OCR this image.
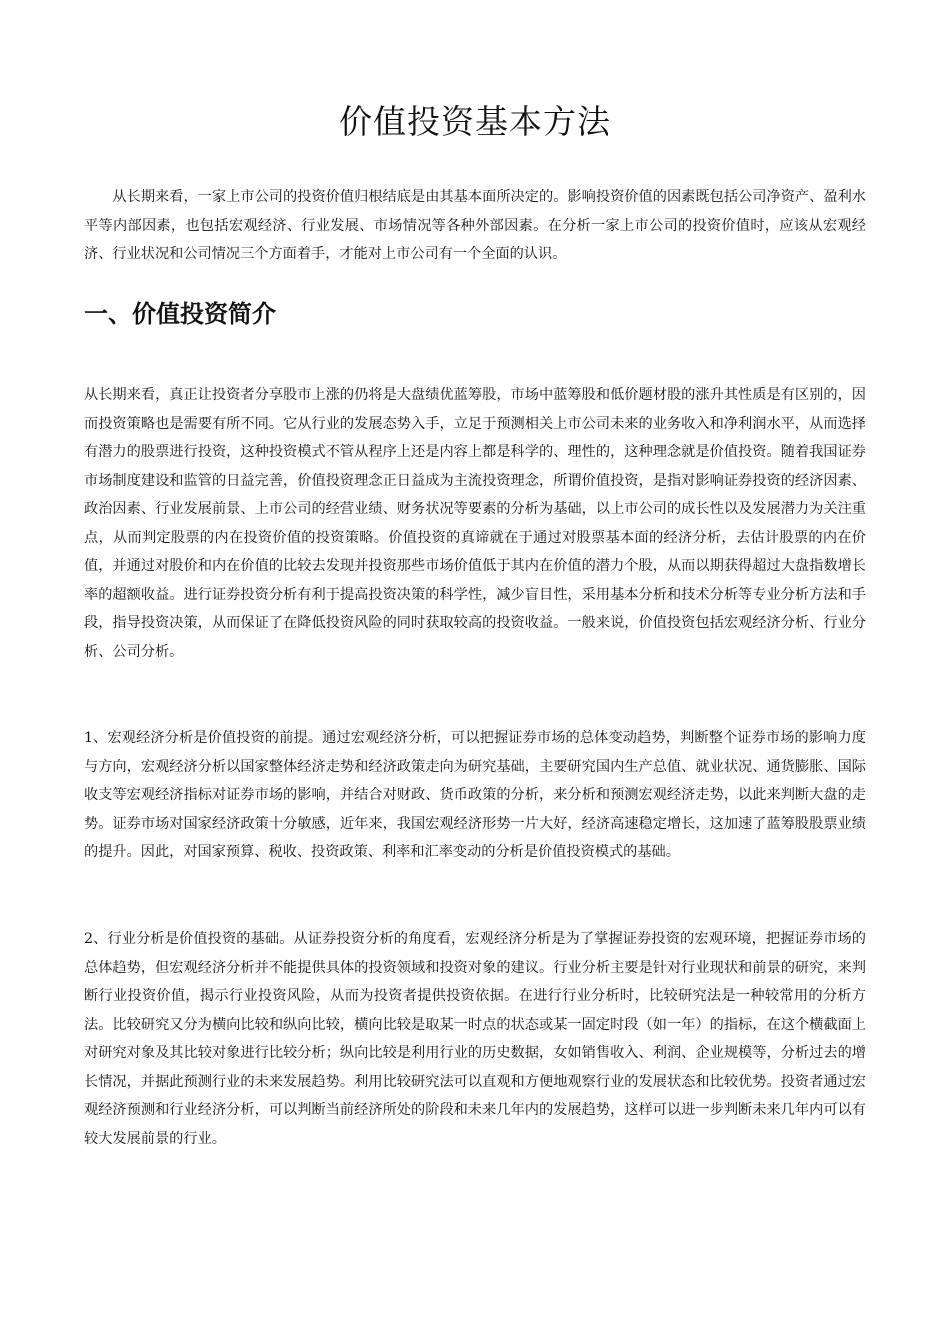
价值投资基本方法

从长期来看，一家上市公司的投资价值归根结底是由其基本面所决定的。影响投资价值的因素既包括公司净资产、盈利水平等内部因素，也包括宏观经济、行业发展、市场情况等各种外部因素。在分析一家上市公司的投资价值时，应该从宏观经济、行业状况和公司情况三个方面着手，才能对上市公司有一个全面的认识。

一、价值投资简介

从长期来看，真正让投资者分享股市上涨的仍将是大盘绩优蓝筹股，市场中蓝筹股和低价题材股的涨升其性质是有区别的，因而投资策略也是需要有所不同。它从行业的发展态势入手，立足于预测相关上市公司未来的业务收入和净利润水平，从而选择有潜力的股票进行投资，这种投资模式不管从程序上还是内容上都是科学的、理性的，这种理念就是价值投资。随着我国证券市场制度建设和监管的日益完善，价值投资理念正日益成为主流投资理念，所谓价值投资，是指对影响证券投资的经济因素、政治因素、行业发展前景、上市公司的经营业绩、财务状况等要素的分析为基础，以上市公司的成长性以及发展潜力为关注重点，从而判定股票的内在投资价值的投资策略。价值投资的真谛就在于通过对股票基本面的经济分析，去估计股票的内在价值，并通过对股价和内在价值的比较去发现并投资那些市场价值低于其内在价值的潜力个股，从而以期获得超过大盘指数增长率的超额收益。进行证券投资分析有利于提高投资决策的科学性，减少盲目性，采用基本分析和技术分析等专业分析方法和手段，指导投资决策，从而保证了在降低投资风险的同时获取较高的投资收益。一般来说，价值投资包括宏观经济分析、行业分析、公司分析。

1、宏观经济分析是价值投资的前提。通过宏观经济分析，可以把握证券市场的总体变动趋势，判断整个证券市场的影响力度与方向，宏观经济分析以国家整体经济走势和经济政策走向为研究基础，主要研究国内生产总值、就业状况、通货膨胀、国际收支等宏观经济指标对证券市场的影响，并结合对财政、货币政策的分析，来分析和预测宏观经济走势，以此来判断大盘的走势。证券市场对国家经济政策十分敏感，近年来，我国宏观经济形势一片大好，经济高速稳定增长，这加速了蓝筹股股票业绩的提升。因此，对国家预算、税收、投资政策、利率和汇率变动的分析是价值投资模式的基础。

2、行业分析是价值投资的基础。从证券投资分析的角度看，宏观经济分析是为了掌握证券投资的宏观环境，把握证券市场的总体趋势，但宏观经济分析并不能提供具体的投资领域和投资对象的建议。行业分析主要是针对行业现状和前景的研究，来判断行业投资价值，揭示行业投资风险，从而为投资者提供投资依据。在进行行业分析时，比较研究法是一种较常用的分析方法。比较研究又分为横向比较和纵向比较，横向比较是取某一时点的状态或某一固定时段（如一年）的指标，在这个横截面上对研究对象及其比较对象进行比较分析；纵向比较是利用行业的历史数据，女如销售收入、利润、企业规模等，分析过去的增长情况，并据此预测行业的未来发展趋势。利用比较研究法可以直观和方便地观察行业的发展状态和比较优势。投资者通过宏观经济预测和行业经济分析，可以判断当前经济所处的阶段和未来几年内的发展趋势，这样可以进一步判断未来几年内可以有较大发展前景的行业。
